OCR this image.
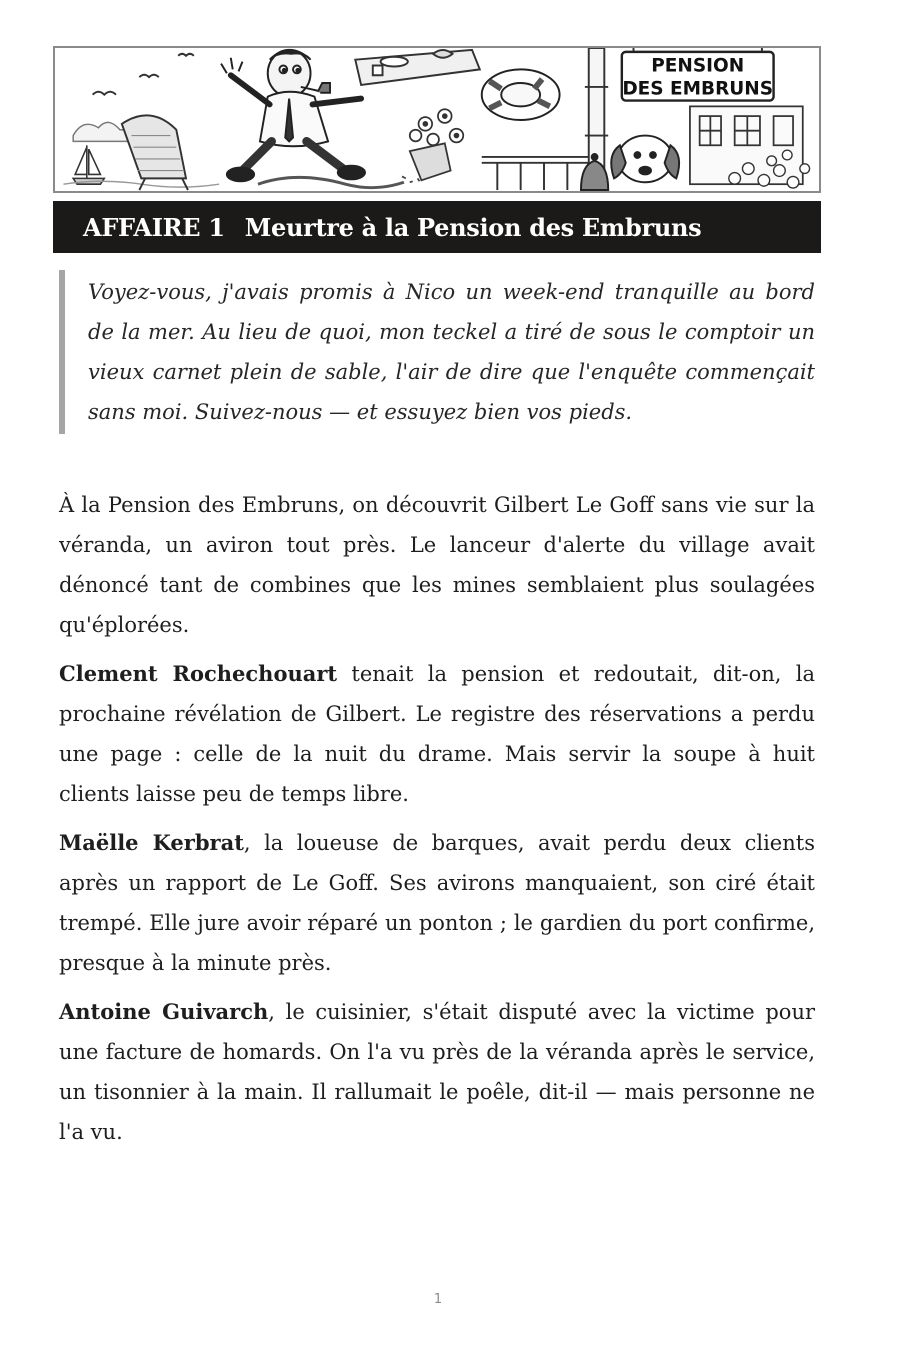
PENSION
DES EMBRUNS
AFFAIRE 1 Meurtre à la Pension des Embruns
Voyez-vous, j'avais promis à Nico un week-end tranquille au bord de la mer. Au lieu de quoi, mon teckel a tiré de sous le comptoir un vieux carnet plein de sable, l'air de dire que l'enquête commençait sans moi. Suivez-nous — et essuyez bien vos pieds.

À la Pension des Embruns, on découvrit Gilbert Le Goff sans vie sur la véranda, un aviron tout près. Le lanceur d'alerte du village avait dénoncé tant de combines que les mines semblaient plus soulagées qu'éplorées.

Clement Rochechouart tenait la pension et redoutait, dit-on, la prochaine révélation de Gilbert. Le registre des réservations a perdu une page : celle de la nuit du drame. Mais servir la soupe à huit clients laisse peu de temps libre.

Maëlle Kerbrat, la loueuse de barques, avait perdu deux clients après un rapport de Le Goff. Ses avirons manquaient, son ciré était trempé. Elle jure avoir réparé un ponton ; le gardien du port confirme, presque à la minute près.

Antoine Guivarch, le cuisinier, s'était disputé avec la victime pour une facture de homards. On l'a vu près de la véranda après le service, un tisonnier à la main. Il rallumait le poêle, dit-il — mais personne ne l'a vu.

1
